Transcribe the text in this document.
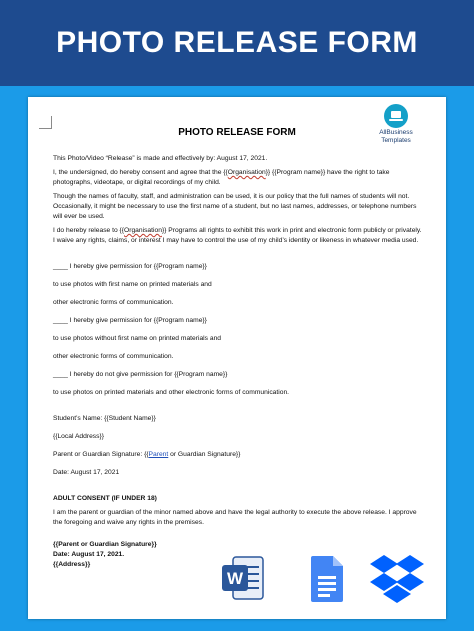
PHOTO RELEASE FORM
AllBusiness
Templates
PHOTO RELEASE FORM

This Photo/Video “Release” is made and effectively by: August 17, 2021.

I, the undersigned, do hereby consent and agree that the {{Organisation}} {{Program name}} have the right to take photographs, videotape, or digital recordings of my child.

Though the names of faculty, staff, and administration can be used, it is our policy that the full names of students will not. Occasionally, it might be necessary to use the first name of a student, but no last names, addresses, or telephone numbers will ever be used.

I do hereby release to {{Organisation}} Programs all rights to exhibit this work in print and electronic form publicly or privately. I waive any rights, claims, or interest I may have to control the use of my child’s identity or likeness in whatever media used.

____ I hereby give permission for {{Program name}}

to use photos with first name on printed materials and

other electronic forms of communication.

____ I hereby give permission for {{Program name}}

to use photos without first name on printed materials and

other electronic forms of communication.

____ I hereby do not give permission for {{Program name}}

to use photos on printed materials and other electronic forms of communication.

Student’s Name: {{Student Name}}

{{Local Address}}

Parent or Guardian Signature: {{Parent or Guardian Signature}}

Date: August 17, 2021

ADULT CONSENT (IF UNDER 18)

I am the parent or guardian of the minor named above and have the legal authority to execute the above release. I approve the foregoing and waive any rights in the premises.

{{Parent or Guardian Signature}}

Date: August 17, 2021.

{{Address}}

W
